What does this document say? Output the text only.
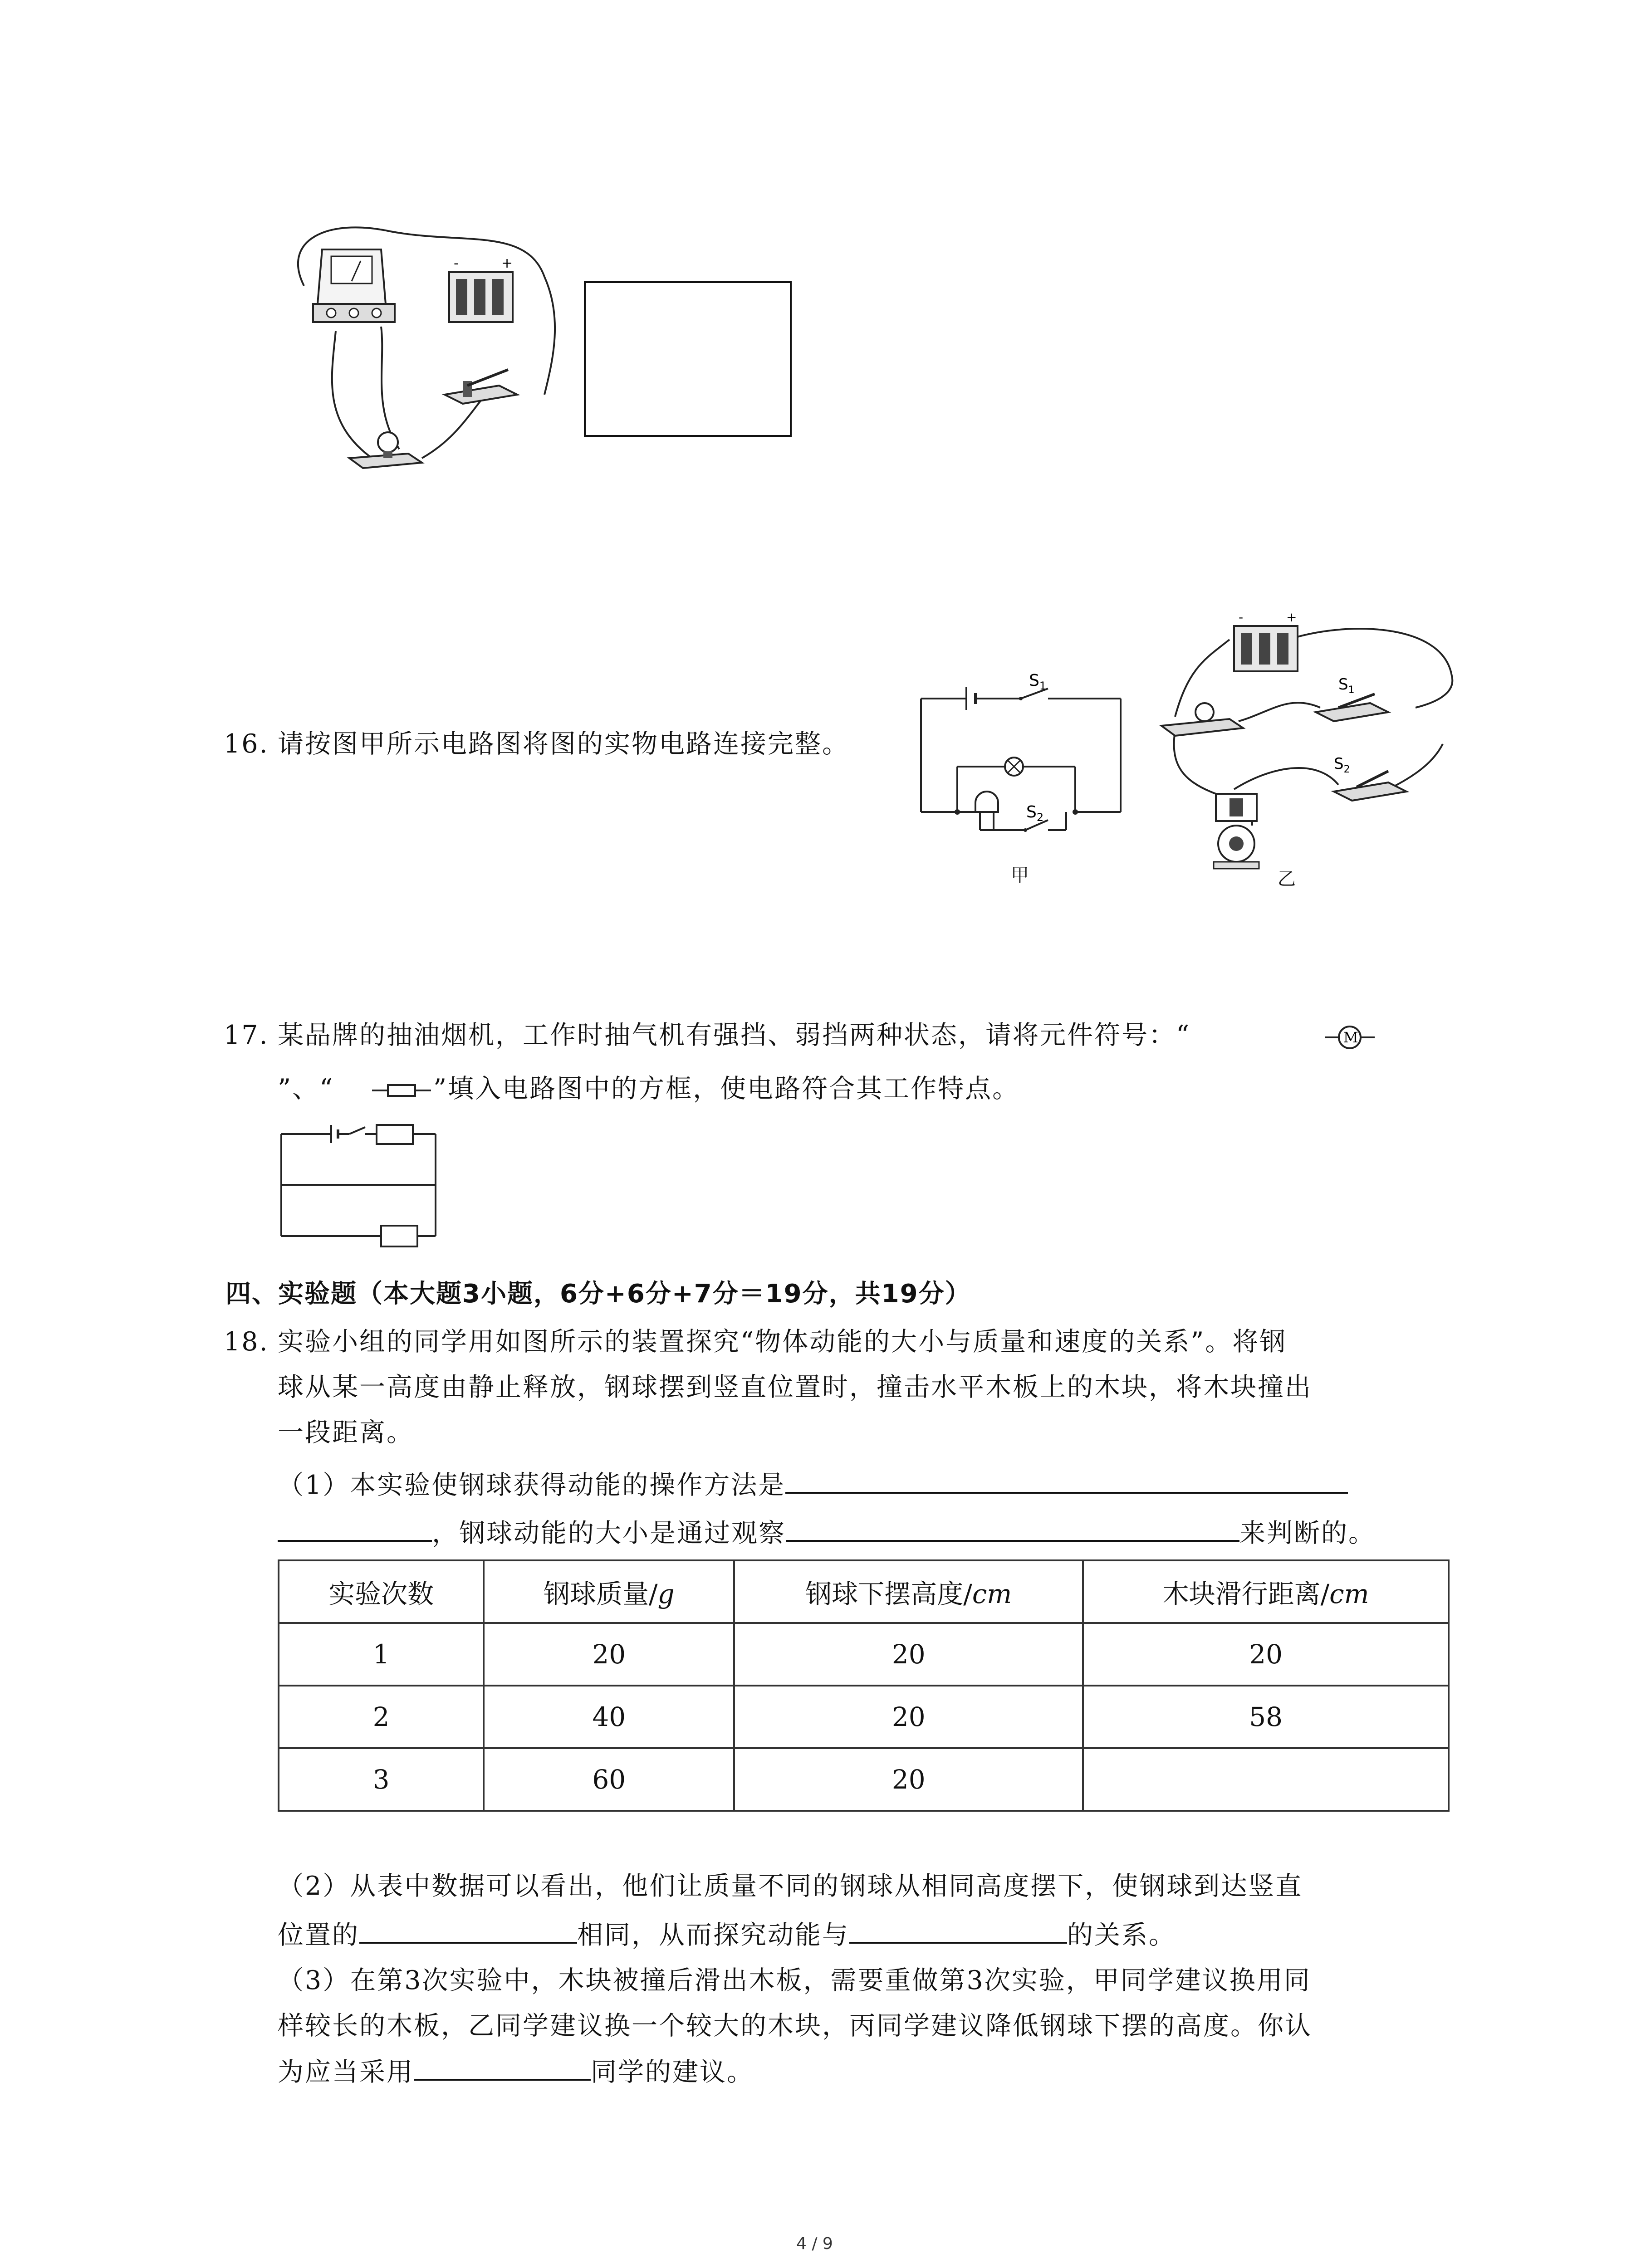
-	+
16. 请按图甲所示电路图将图的实物电路连接完整。
$S_1$
$S_2$
甲
-	+
$S_1$
$S_2$
乙
17. 某品牌的抽油烟机，工作时抽气机有强挡、弱挡两种状态，请将元件符号：“	M
”、“	”填入电路图中的方框，使电路符合其工作特点。
四、实验题（本大题3小题，6分+6分+7分＝19分，共19分）
18. 实验小组的同学用如图所示的装置探究“物体动能的大小与质量和速度的关系”。将钢
球从某一高度由静止释放，钢球摆到竖直位置时，撞击水平木板上的木块，将木块撞出
一段距离。
（1）本实验使钢球获得动能的操作方法是
，钢球动能的大小是通过观察	来判断的。
实验次数	钢球质量/g	钢球下摆高度/cm	木块滑行距离/cm
1	20	20	20
2	40	20	58
3	60	20	
（2）从表中数据可以看出，他们让质量不同的钢球从相同高度摆下，使钢球到达竖直
位置的	相同，从而探究动能与	的关系。
（3）在第3次实验中，木块被撞后滑出木板，需要重做第3次实验，甲同学建议换用同
样较长的木板，乙同学建议换一个较大的木块，丙同学建议降低钢球下摆的高度。你认
为应当采用	同学的建议。
4 / 9
